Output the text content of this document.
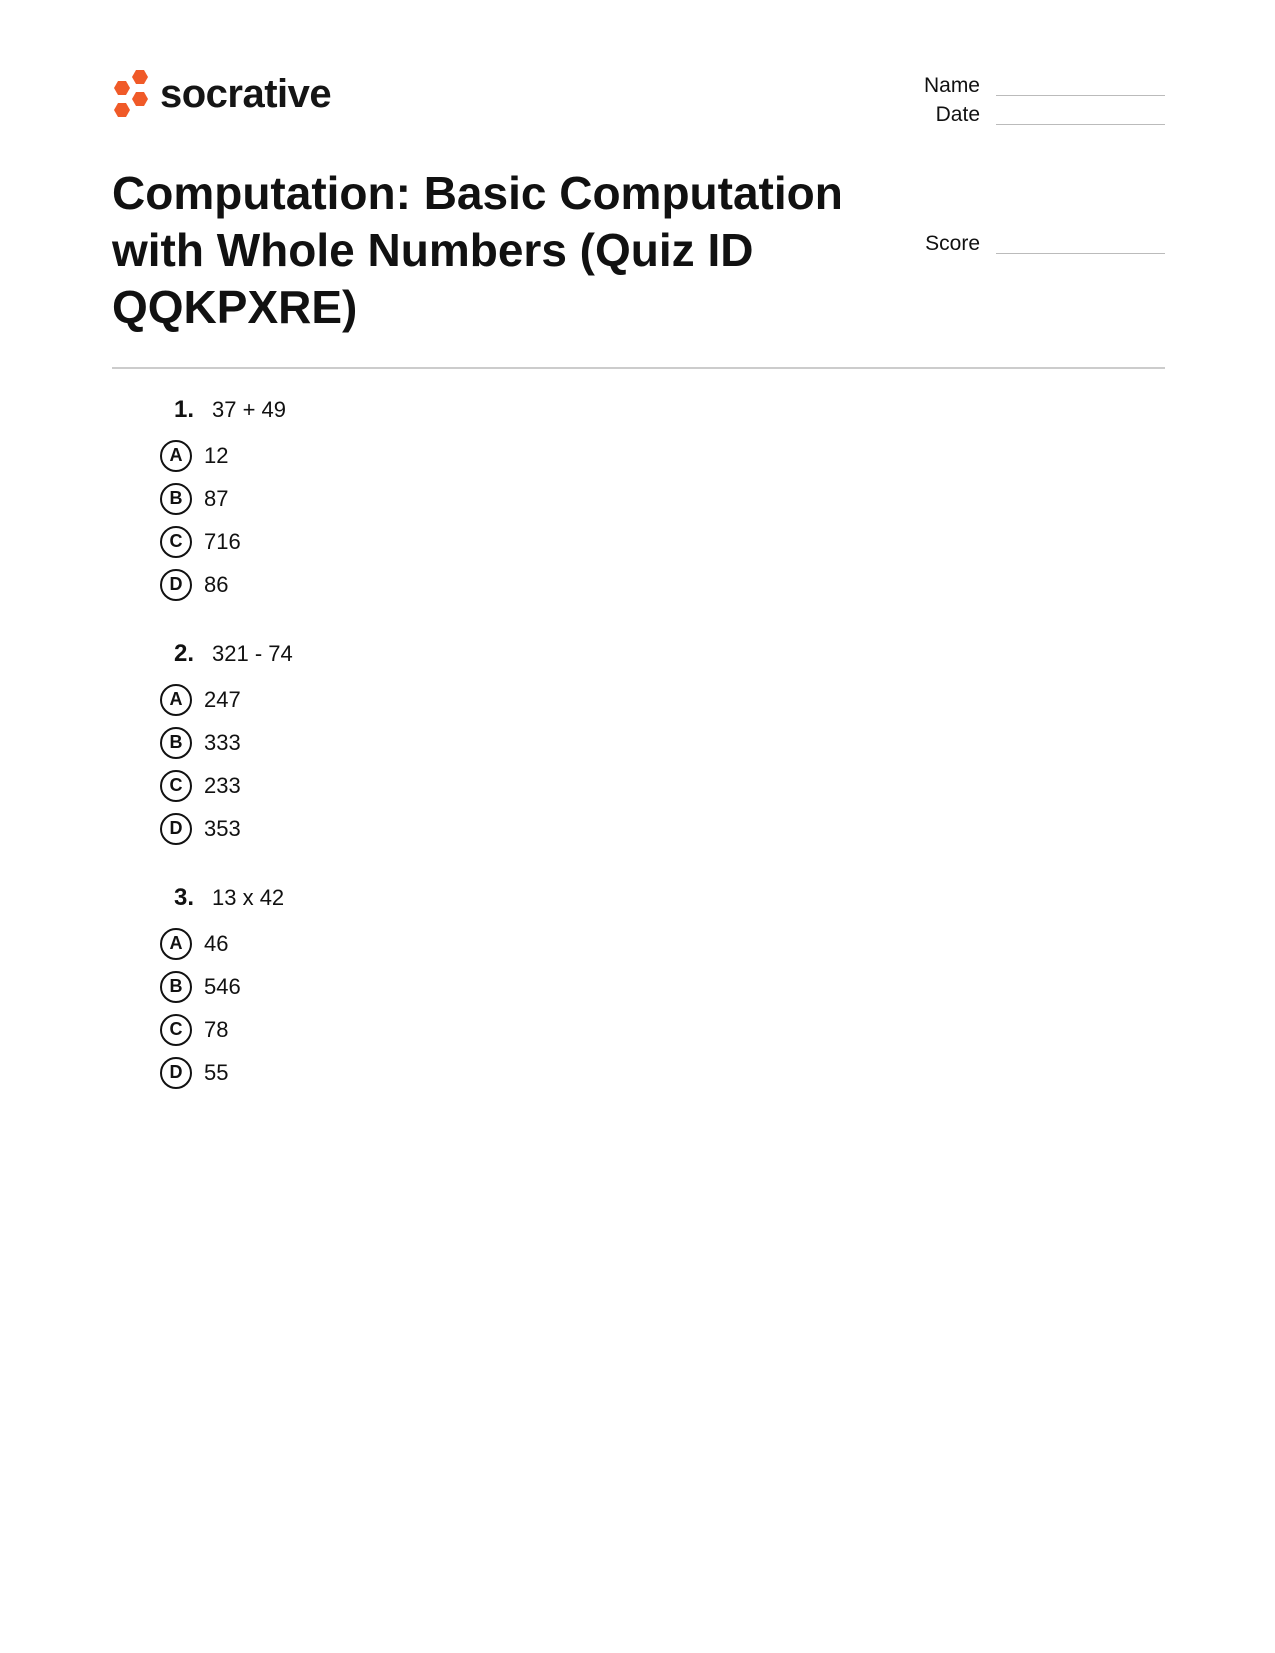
socrative	Name
Date
Score
Computation: Basic Computation with Whole Numbers (Quiz ID QQKPXRE)
1. 37 + 49
A 12
B 87
C 716
D 86
2. 321 - 74
A 247
B 333
C 233
D 353
3. 13 x 42
A 46
B 546
C 78
D 55
